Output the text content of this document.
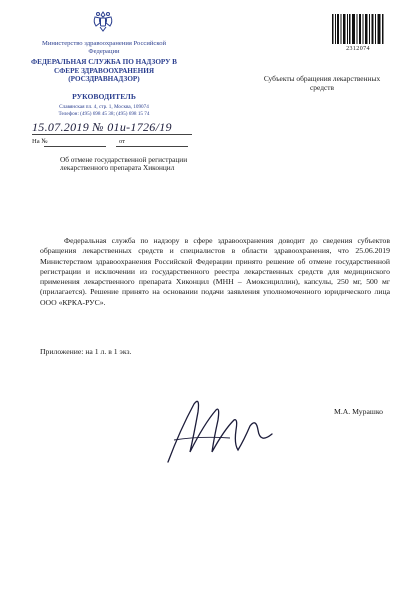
Министерство здравоохранения Российской Федерации
ФЕДЕРАЛЬНАЯ СЛУЖБА ПО НАДЗОРУ В СФЕРЕ ЗДРАВООХРАНЕНИЯ (РОСЗДРАВНАДЗОР)
РУКОВОДИТЕЛЬ
Славянская пл. 4, стр. 1, Москва, 109074
Телефон: (495) 698 45 38; (495) 698 15 74
15.07.2019 № 01и-1726/19
На №	от
Об отмене государственной регистрации лекарственного препарата Хиконцил
2312074
Субъекты обращения лекарственных средств

Федеральная служба по надзору в сфере здравоохранения доводит до сведения субъектов обращения лекарственных средств и специалистов в области здравоохранения, что 25.06.2019 Министерством здравоохранения Российской Федерации принято решение об отмене государственной регистрации и исключении из государственного реестра лекарственных средств для медицинского применения лекарственного препарата Хиконцил (МНН – Амоксициллин), капсулы, 250 мг, 500 мг (прилагается). Решение принято на основании подачи заявления уполномоченного юридического лица ООО «КРКА-РУС».

Приложение: на 1 л. в 1 экз.
М.А. Мурашко
